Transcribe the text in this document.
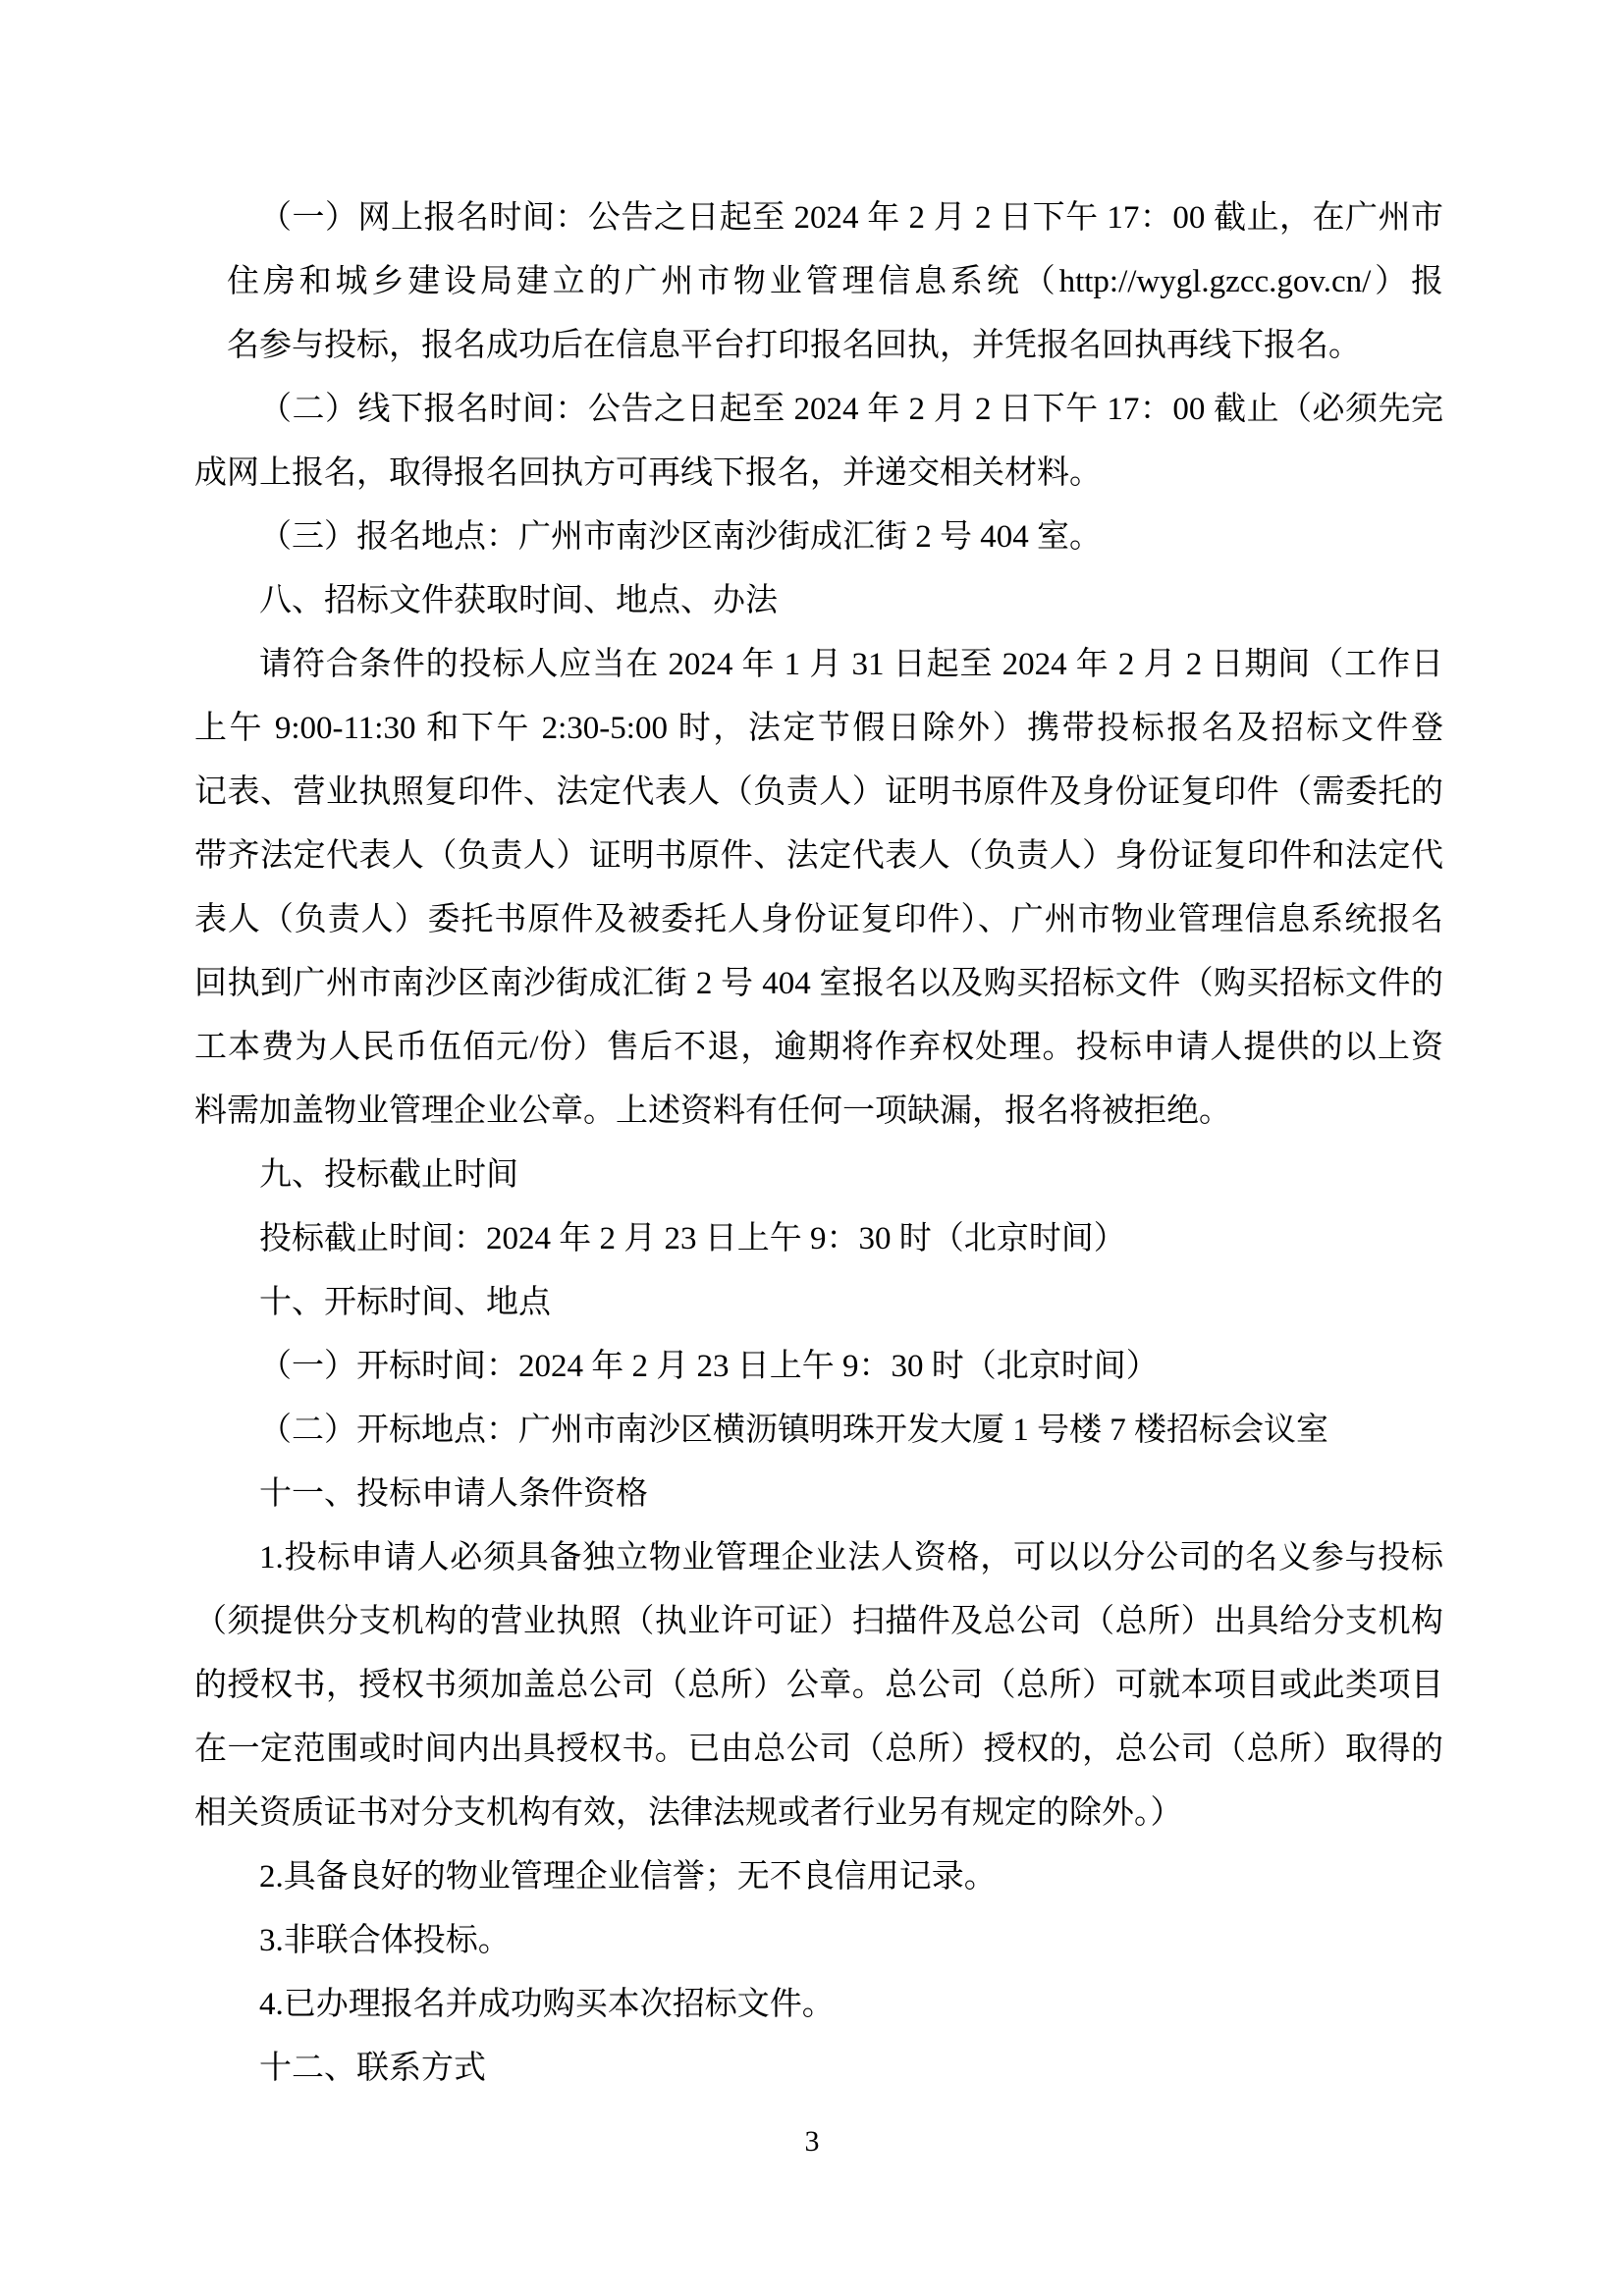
（一）网上报名时间：公告之日起至 2024 年 2 月 2 日下午 17：00 截止，在广州市

住房和城乡建设局建立的广州市物业管理信息系统（http://wygl.gzcc.gov.cn/）报

名参与投标，报名成功后在信息平台打印报名回执，并凭报名回执再线下报名。

（二）线下报名时间：公告之日起至 2024 年 2 月 2 日下午 17：00 截止（必须先完

成网上报名，取得报名回执方可再线下报名，并递交相关材料。

（三）报名地点：广州市南沙区南沙街成汇街 2 号 404 室。

八、招标文件获取时间、地点、办法

请符合条件的投标人应当在 2024 年 1 月 31 日起至 2024 年 2 月 2 日期间（工作日

上午 9:00-11:30 和下午 2:30-5:00 时，法定节假日除外）携带投标报名及招标文件登

记表、营业执照复印件、法定代表人（负责人）证明书原件及身份证复印件（需委托的

带齐法定代表人（负责人）证明书原件、法定代表人（负责人）身份证复印件和法定代

表人（负责人）委托书原件及被委托人身份证复印件）、广州市物业管理信息系统报名

回执到广州市南沙区南沙街成汇街 2 号 404 室报名以及购买招标文件（购买招标文件的

工本费为人民币伍佰元/份）售后不退，逾期将作弃权处理。投标申请人提供的以上资

料需加盖物业管理企业公章。上述资料有任何一项缺漏，报名将被拒绝。

九、投标截止时间

投标截止时间：2024 年 2 月 23 日上午 9：30 时（北京时间）

十、开标时间、地点

（一）开标时间：2024 年 2 月 23 日上午 9：30 时（北京时间）

（二）开标地点：广州市南沙区横沥镇明珠开发大厦 1 号楼 7 楼招标会议室

十一、投标申请人条件资格

1.投标申请人必须具备独立物业管理企业法人资格，可以以分公司的名义参与投标

（须提供分支机构的营业执照（执业许可证）扫描件及总公司（总所）出具给分支机构

的授权书，授权书须加盖总公司（总所）公章。总公司（总所）可就本项目或此类项目

在一定范围或时间内出具授权书。已由总公司（总所）授权的，总公司（总所）取得的

相关资质证书对分支机构有效，法律法规或者行业另有规定的除外。）

2.具备良好的物业管理企业信誉；无不良信用记录。

3.非联合体投标。

4.已办理报名并成功购买本次招标文件。

十二、联系方式

3
